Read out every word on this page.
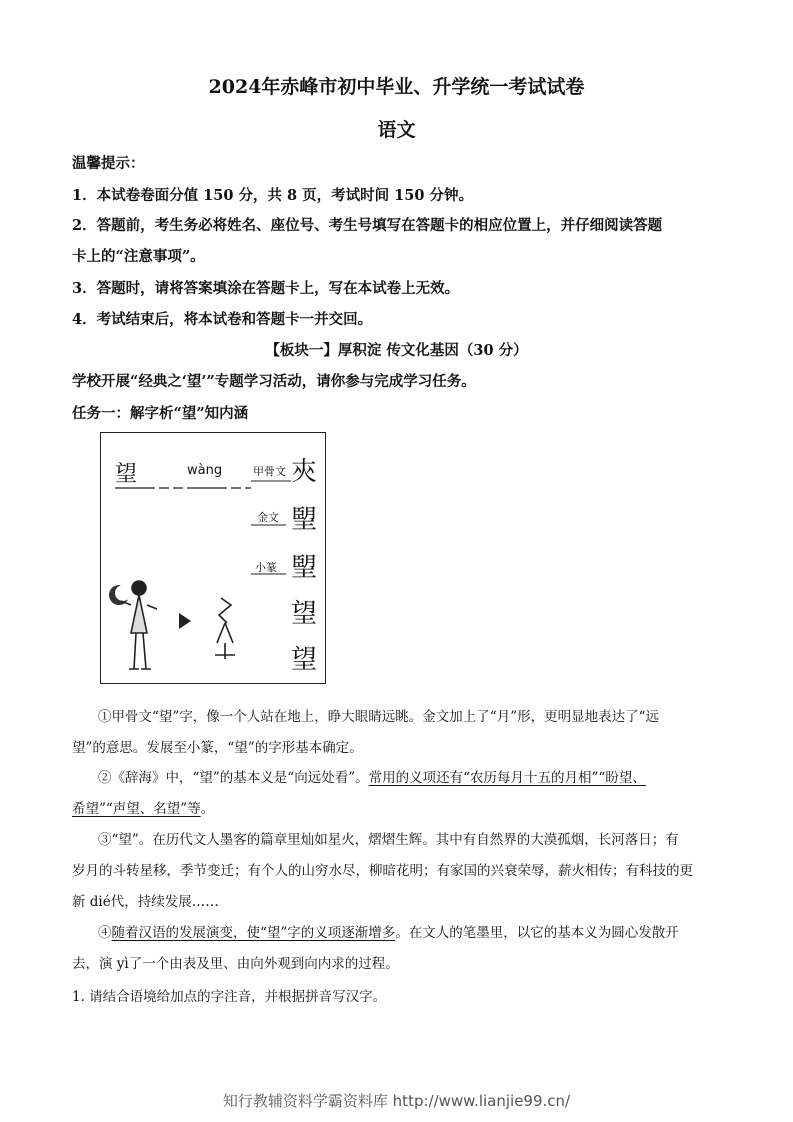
2024年赤峰市初中毕业、升学统一考试试卷
语文
温馨提示：
1．本试卷卷面分值 150 分，共 8 页，考试时间 150 分钟。
2．答题前，考生务必将姓名、座位号、考生号填写在答题卡的相应位置上，并仔细阅读答题
卡上的“注意事项”。
3．答题时，请将答案填涂在答题卡上，写在本试卷上无效。
4．考试结束后，将本试卷和答题卡一并交回。
【板块一】厚积淀 传文化基因（30 分）
学校开展“经典之‘望’”专题学习活动，请你参与完成学习任务。
任务一：解字析“望”知内涵
望	wàng	甲骨文
金文
小篆
㚒
朢
朢
望
望
①甲骨文“望”字，像一个人站在地上，睁大眼睛远眺。金文加上了“月”形，更明显地表达了“远
望”的意思。发展至小篆，“望”的字形基本确定。
②《辞海》中，“望”的基本义是“向远处看”。常用的义项还有“农历每月十五的月相”“盼望、
希望”“声望、名望”等。
③“望”。在历代文人墨客的篇章里灿如星火，熠熠生辉。其中有自然界的大漠孤烟，长河落日；有
岁月的斗转星移，季节变迁；有个人的山穷水尽，柳暗花明；有家国的兴衰荣辱，薪火相传；有科技的更
新 dié代，持续发展……
④随着汉语的发展演变，使“望”字的义项逐渐增多。在文人的笔墨里，以它的基本义为圆心发散开
去，演 yì了一个由表及里、由向外观到向内求的过程。
1. 请结合语境给加点的字注音，并根据拼音写汉字。
知行教辅资料学霸资料库 http://www.lianjie99.cn/
